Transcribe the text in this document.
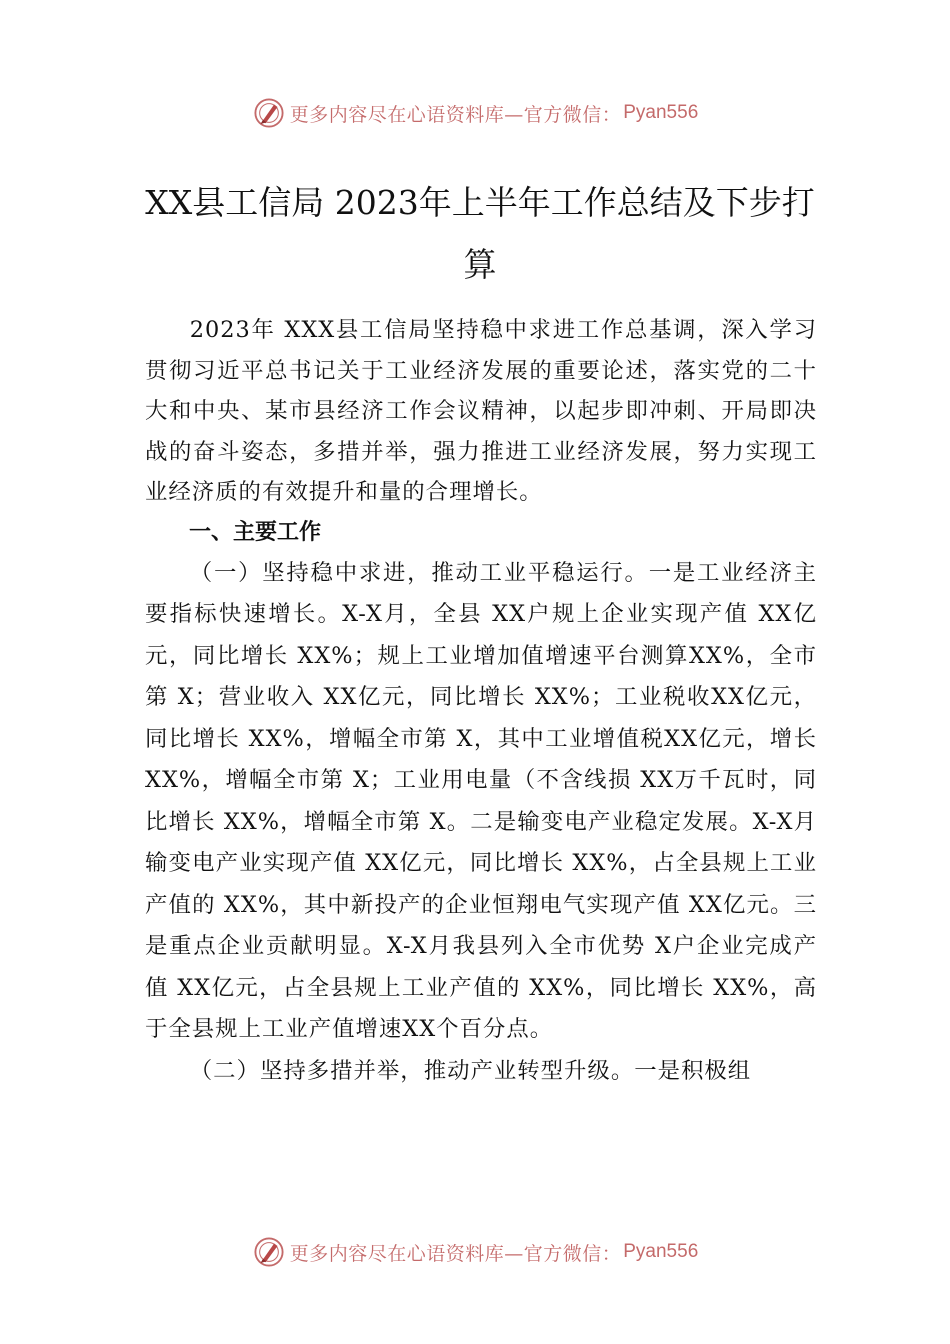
更多内容尽在心语资料库—官方微信： Pyan556
XX县工信局 2023年上半年工作总结及下步打算

2023年 XXX县工信局坚持稳中求进工作总基调，深入学习贯彻习近平总书记关于工业经济发展的重要论述，落实党的二十大和中央、某市县经济工作会议精神，以起步即冲刺、开局即决战的奋斗姿态，多措并举，强力推进工业经济发展，努力实现工业经济质的有效提升和量的合理增长。

一、主要工作

（一）坚持稳中求进，推动工业平稳运行。一是工业经济主要指标快速增长。X-X月，全县 XX户规上企业实现产值 XX亿元，同比增长 XX%；规上工业增加值增速平台测算XX%，全市第 X；营业收入 XX亿元，同比增长 XX%；工业税收XX亿元，同比增长 XX%，增幅全市第 X，其中工业增值税XX亿元，增长 XX%，增幅全市第 X；工业用电量（不含线损 XX万千瓦时，同比增长 XX%，增幅全市第 X。二是输变电产业稳定发展。X-X月输变电产业实现产值 XX亿元，同比增长 XX%，占全县规上工业产值的 XX%，其中新投产的企业恒翔电气实现产值 XX亿元。三是重点企业贡献明显。X-X月我县列入全市优势 X户企业完成产值 XX亿元，占全县规上工业产值的 XX%，同比增长 XX%，高于全县规上工业产值增速XX个百分点。

（二）坚持多措并举，推动产业转型升级。一是积极组

更多内容尽在心语资料库—官方微信： Pyan556
